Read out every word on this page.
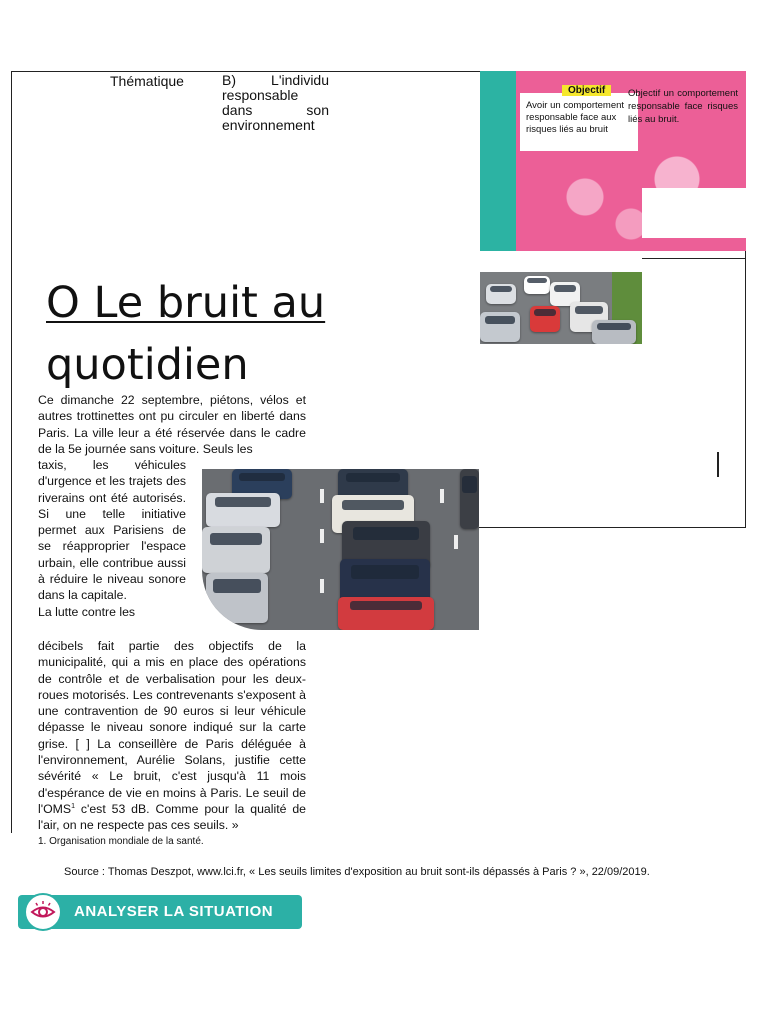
Thématique	B) L'individu responsable dans son environnement
O Le bruit au
quotidien
Objectif
Avoir un comportement responsable face aux risques liés au bruit
Objectif un comportement responsable face risques liés au bruit.
Ce dimanche 22 septembre, piétons, vélos et autres trottinettes ont pu circuler en liberté dans Paris. La ville leur a été réservée dans le cadre de la 5e journée sans voiture. Seuls les
taxis, les véhicules d'urgence et les trajets des riverains ont été autorisés. Si une telle initiative permet aux Parisiens de se réapproprier l'espace urbain, elle contribue aussi à réduire le niveau sonore dans la capitale.
La lutte contre les
décibels fait partie des objectifs de la municipalité, qui a mis en place des opérations de contrôle et de verbalisation pour les deux-roues motorisés. Les contrevenants s'exposent à une contravention de 90 euros si leur véhicule dépasse le niveau sonore indiqué sur la carte grise. [ ] La conseillère de Paris déléguée à l'environnement, Aurélie Solans, justifie cette sévérité « Le bruit, c'est jusqu'à 11 mois d'espérance de vie en moins à Paris. Le seuil de l'OMS$^1$ c'est 53 dB. Comme pour la qualité de l'air, on ne respecte pas ces seuils. »
1. Organisation mondiale de la santé.
Source : Thomas Deszpot, www.lci.fr, « Les seuils limites d'exposition au bruit sont-ils dépassés à Paris ? », 22/09/2019.
ANALYSER LA SITUATION
